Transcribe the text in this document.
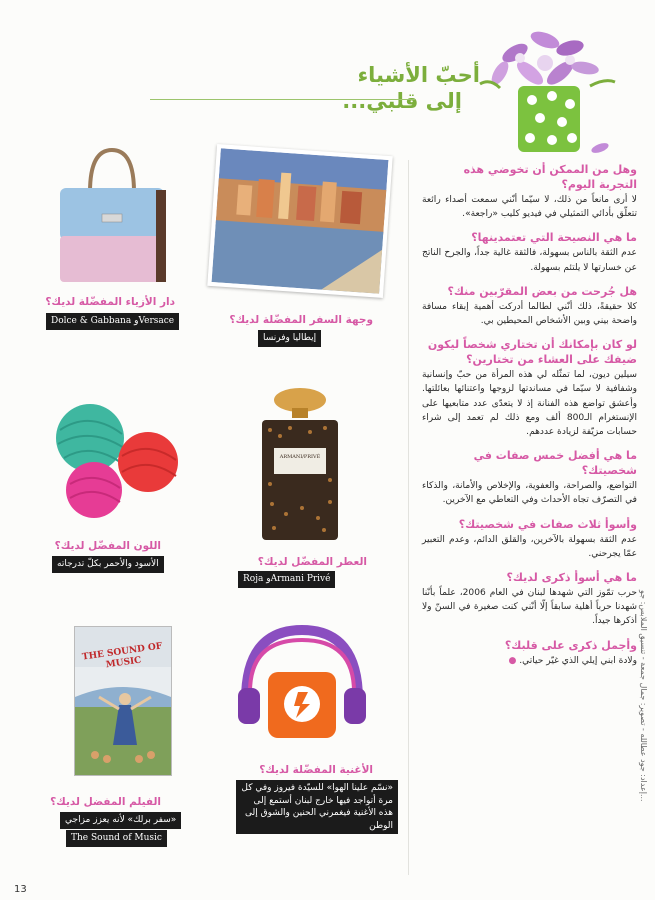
أحبّ الأشياء
إلى قلبي...

وهل من الممكن أن تخوضي هذه التجربة اليوم؟

لا أرى مانعاً من ذلك، لا سيّما أنّني سمعت أصداء رائعة تتعلّق بأدائي التمثيلي في فيديو كليب «راجعة».

ما هي النصيحة التي تعتمدينها؟

عدم الثقة بالناس بسهولة، فالثقة غالية جداً، والجرح الناتج عن خسارتها لا يلتئم بسهولة.

هل جُرحت من بعض المقرّبين منك؟

كلا حقيقةً، ذلك أنّني لطالما أدركت أهمية إبقاء مسافة واضحة بيني وبين الأشخاص المحيطين بي.

لو كان بإمكانك أن تختاري شخصاً ليكون ضيفك على العشاء من تختارين؟

سيلين ديون، لما تمثّله لي هذه المرأة من حبّ وإنسانية وشفافية لا سيّما في مساندتها لزوجها واعتنائها بعائلتها. وأعشق تواضع هذه الفنانة إذ لا يتعدّى عدد متابعيها على الإنستغرام الـ800 ألف ومع ذلك لم تعمد إلى شراء حسابات مزيّفة لزيادة عددهم.

ما هي أفضل خمس صفات في شخصيتك؟

التواضع، والصراحة، والعفوية، والإخلاص والأمانة، والذكاء في التصرّف تجاه الأحداث وفي التعاطي مع الآخرين.

وأسوأ ثلاث صفات في شخصيتك؟

عدم الثقة بسهولة بالآخرين، والقلق الدائم، وعدم التعبير عمّا يجرحني.

ما هي أسوأ ذكرى لديك؟

حرب تمّوز التي شهدها لبنان في العام 2006، علماً بأنّنا شهدنا حرباً أهلية سابقاً إلّا أنّني كنت صغيرة في السنّ ولا أذكرها جيداً.

وأجمل ذكرى على قلبك؟

ولادة ابني إيلي الذي غيّر حياتي. ●

دار الأزياء المفضّلة لديك؟
Dolce & Gabbana وVersace	وجهة السفر المفضّلة لديك؟
إيطاليا وفرنسا
اللون المفضّل لديك؟
الأسود والأحمر بكلّ تدرجاته
ARMANI/PRIVÉ
العطر المفضّل لديك؟
Roja وArmani Privé
THE SOUND OF MUSIC
الفيلم المفضل لديك؟
«سفر برلك» لأنه يعزز مزاجي
The Sound of Music
الأغنية المفضّلة لديك؟
«نسّم علينا الهوا» للسيّدة فيروز وفي كل مرة أتواجد فيها خارج لبنان أستمع إلى هذه الأغنية فيغمرني الحنين والشوق إلى الوطن
إعداد: جود عطالله - تصوير: جمال جمعة - تنسيق الملابس: جو...
13
